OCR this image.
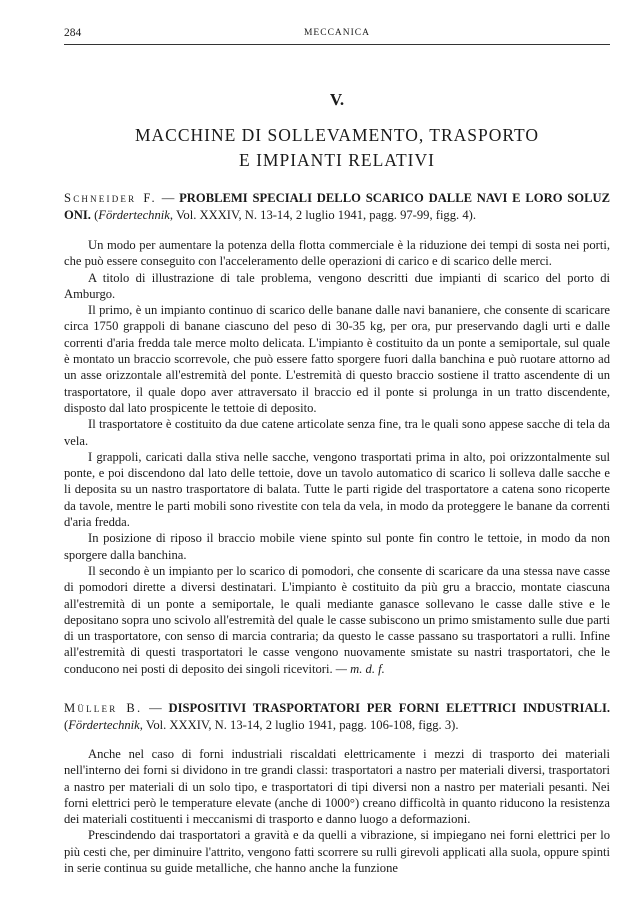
284	MECCANICA
V.
MACCHINE DI SOLLEVAMENTO, TRASPORTO
E IMPIANTI RELATIVI
Schneider F. — PROBLEMI SPECIALI DELLO SCARICO DALLE NAVI E LORO SOLUZ ONI. (Fördertechnik, Vol. XXXIV, N. 13-14, 2 luglio 1941, pagg. 97-99, figg. 4).

Un modo per aumentare la potenza della flotta commerciale è la riduzione dei tempi di sosta nei porti, che può essere conseguito con l'acceleramento delle operazioni di carico e di scarico delle merci.

A titolo di illustrazione di tale problema, vengono descritti due impianti di scarico del porto di Amburgo.

Il primo, è un impianto continuo di scarico delle banane dalle navi bananiere, che consente di scaricare circa 1750 grappoli di banane ciascuno del peso di 30-35 kg, per ora, pur preservando dagli urti e dalle correnti d'aria fredda tale merce molto delicata. L'impianto è costituito da un ponte a semiportale, sul quale è montato un braccio scorrevole, che può essere fatto sporgere fuori dalla banchina e può ruotare attorno ad un asse orizzontale all'estremità del ponte. L'estremità di questo braccio sostiene il tratto ascendente di un trasportatore, il quale dopo aver attraversato il braccio ed il ponte si prolunga in un tratto discendente, disposto dal lato prospicente le tettoie di deposito.

Il trasportatore è costituito da due catene articolate senza fine, tra le quali sono appese sacche di tela da vela.

I grappoli, caricati dalla stiva nelle sacche, vengono trasportati prima in alto, poi orizzontalmente sul ponte, e poi discendono dal lato delle tettoie, dove un tavolo automatico di scarico li solleva dalle sacche e li deposita su un nastro trasportatore di balata. Tutte le parti rigide del trasportatore a catena sono ricoperte da tavole, mentre le parti mobili sono rivestite con tela da vela, in modo da proteggere le banane da correnti d'aria fredda.

In posizione di riposo il braccio mobile viene spinto sul ponte fin contro le tettoie, in modo da non sporgere dalla banchina.

Il secondo è un impianto per lo scarico di pomodori, che consente di scaricare da una stessa nave casse di pomodori dirette a diversi destinatari. L'impianto è costituito da più gru a braccio, montate ciascuna all'estremità di un ponte a semiportale, le quali mediante ganasce sollevano le casse dalle stive e le depositano sopra uno scivolo all'estremità del quale le casse subiscono un primo smistamento sulle due parti di un trasportatore, con senso di marcia contraria; da questo le casse passano su trasportatori a rulli. Infine all'estremità di questi trasportatori le casse vengono nuovamente smistate su nastri trasportatori, che le conducono nei posti di deposito dei singoli ricevitori. — m. d. f.

Müller B. — DISPOSITIVI TRASPORTATORI PER FORNI ELETTRICI INDUSTRIALI. (Fördertechnik, Vol. XXXIV, N. 13-14, 2 luglio 1941, pagg. 106-108, figg. 3).

Anche nel caso di forni industriali riscaldati elettricamente i mezzi di trasporto dei materiali nell'interno dei forni si dividono in tre grandi classi: trasportatori a nastro per materiali diversi, trasportatori a nastro per materiali di un solo tipo, e trasportatori di tipi diversi non a nastro per materiali pesanti. Nei forni elettrici però le temperature elevate (anche di 1000°) creano difficoltà in quanto riducono la resistenza dei materiali costituenti i meccanismi di trasporto e danno luogo a deformazioni.

Prescindendo dai trasportatori a gravità e da quelli a vibrazione, si impiegano nei forni elettrici per lo più cesti che, per diminuire l'attrito, vengono fatti scorrere su rulli girevoli applicati alla suola, oppure spinti in serie continua su guide metalliche, che hanno anche la funzione
